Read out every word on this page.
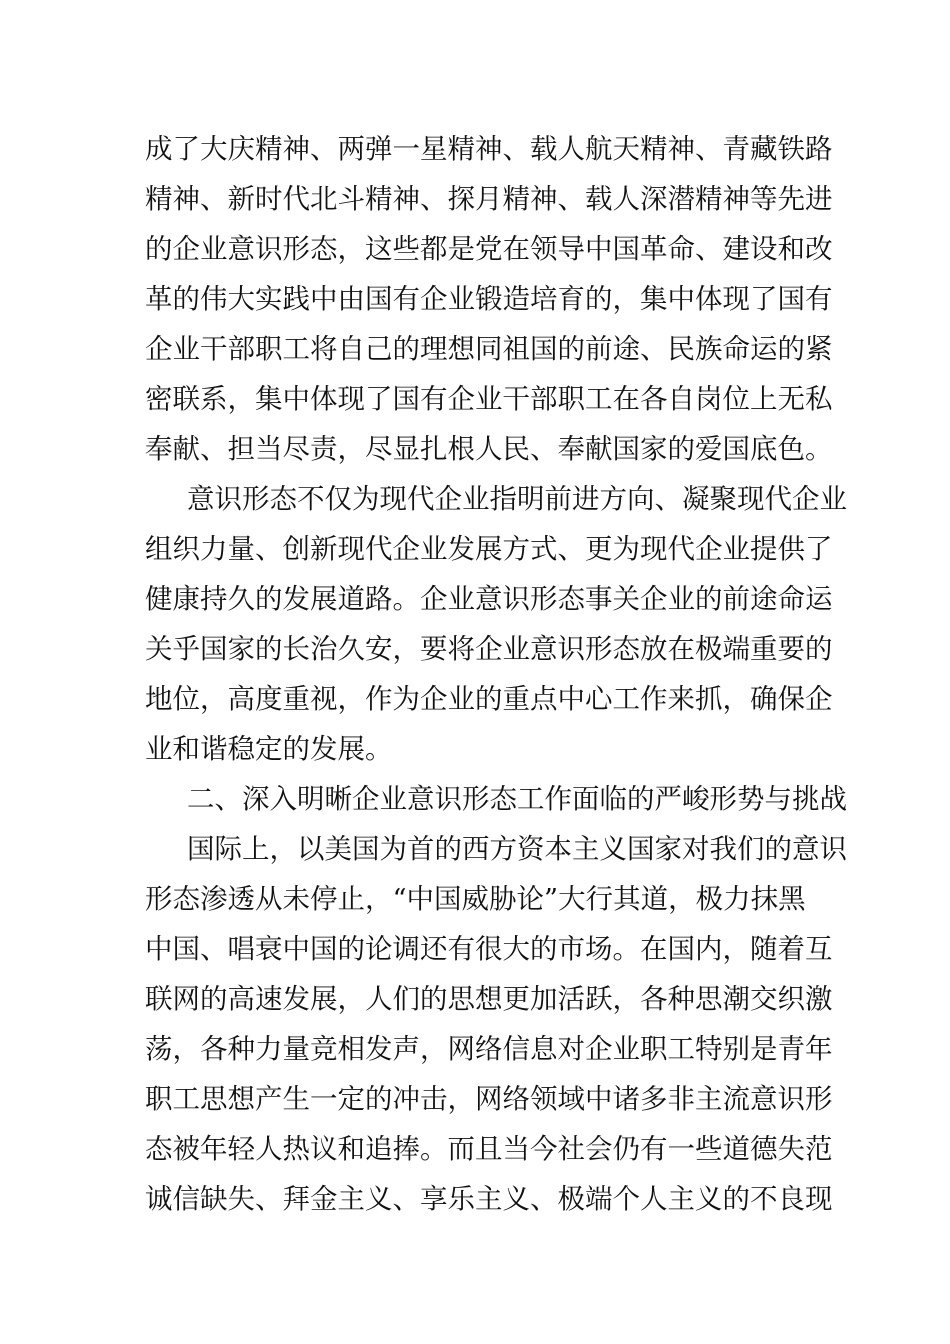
成了大庆精神、两弹一星精神、载人航天精神、青藏铁路
精神、新时代北斗精神、探月精神、载人深潜精神等先进
的企业意识形态，这些都是党在领导中国革命、建设和改
革的伟大实践中由国有企业锻造培育的，集中体现了国有
企业干部职工将自己的理想同祖国的前途、民族命运的紧
密联系，集中体现了国有企业干部职工在各自岗位上无私
奉献、担当尽责，尽显扎根人民、奉献国家的爱国底色。
意识形态不仅为现代企业指明前进方向、凝聚现代企业
组织力量、创新现代企业发展方式、更为现代企业提供了
健康持久的发展道路。企业意识形态事关企业的前途命运
关乎国家的长治久安，要将企业意识形态放在极端重要的
地位，高度重视，作为企业的重点中心工作来抓，确保企
业和谐稳定的发展。
二、深入明晰企业意识形态工作面临的严峻形势与挑战
国际上，以美国为首的西方资本主义国家对我们的意识
形态渗透从未停止，“中国威胁论”大行其道，极力抹黑
中国、唱衰中国的论调还有很大的市场。在国内，随着互
联网的高速发展，人们的思想更加活跃，各种思潮交织激
荡，各种力量竞相发声，网络信息对企业职工特别是青年
职工思想产生一定的冲击，网络领域中诸多非主流意识形
态被年轻人热议和追捧。而且当今社会仍有一些道德失范
诚信缺失、拜金主义、享乐主义、极端个人主义的不良现
